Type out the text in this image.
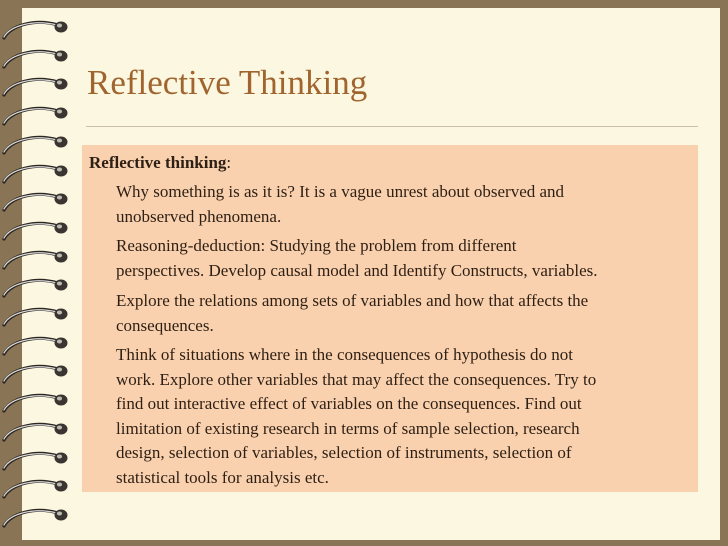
Reflective Thinking
Reflective thinking:

Why something is as it is? It is a vague unrest about observed and
unobserved phenomena.

Reasoning-deduction: Studying the problem from different
perspectives. Develop causal model and Identify Constructs, variables.

Explore the relations among sets of variables and how that affects the
consequences.

Think of situations where in the consequences of hypothesis do not
work. Explore other variables that may affect the consequences. Try to
find out interactive effect of variables on the consequences. Find out
limitation of existing research in terms of sample selection, research
design, selection of variables, selection of instruments, selection of
statistical tools for analysis etc.
